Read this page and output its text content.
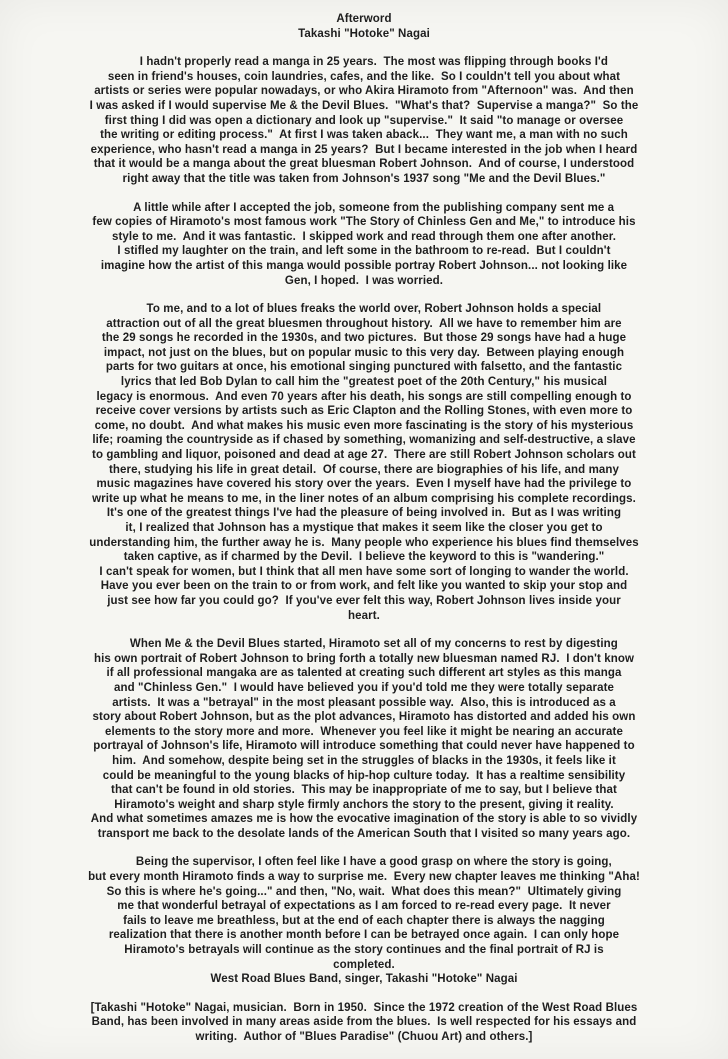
Afterword
Takashi "Hotoke" Nagai
I hadn't properly read a manga in 25 years.  The most was flipping through books I'd
seen in friend's houses, coin laundries, cafes, and the like.  So I couldn't tell you about what
artists or series were popular nowadays, or who Akira Hiramoto from "Afternoon" was.  And then
I was asked if I would supervise Me & the Devil Blues.  "What's that?  Supervise a manga?"  So the
first thing I did was open a dictionary and look up "supervise."  It said "to manage or oversee
the writing or editing process."  At first I was taken aback...  They want me, a man with no such
experience, who hasn't read a manga in 25 years?  But I became interested in the job when I heard
that it would be a manga about the great bluesman Robert Johnson.  And of course, I understood
right away that the title was taken from Johnson's 1937 song "Me and the Devil Blues."
A little while after I accepted the job, someone from the publishing company sent me a
few copies of Hiramoto's most famous work "The Story of Chinless Gen and Me," to introduce his
style to me.  And it was fantastic.  I skipped work and read through them one after another.
I stifled my laughter on the train, and left some in the bathroom to re-read.  But I couldn't
imagine how the artist of this manga would possible portray Robert Johnson... not looking like
Gen, I hoped.  I was worried.
To me, and to a lot of blues freaks the world over, Robert Johnson holds a special
attraction out of all the great bluesmen throughout history.  All we have to remember him are
the 29 songs he recorded in the 1930s, and two pictures.  But those 29 songs have had a huge
impact, not just on the blues, but on popular music to this very day.  Between playing enough
parts for two guitars at once, his emotional singing punctured with falsetto, and the fantastic
lyrics that led Bob Dylan to call him the "greatest poet of the 20th Century," his musical
legacy is enormous.  And even 70 years after his death, his songs are still compelling enough to
receive cover versions by artists such as Eric Clapton and the Rolling Stones, with even more to
come, no doubt.  And what makes his music even more fascinating is the story of his mysterious
life; roaming the countryside as if chased by something, womanizing and self-destructive, a slave
to gambling and liquor, poisoned and dead at age 27.  There are still Robert Johnson scholars out
there, studying his life in great detail.  Of course, there are biographies of his life, and many
music magazines have covered his story over the years.  Even I myself have had the privilege to
write up what he means to me, in the liner notes of an album comprising his complete recordings.
It's one of the greatest things I've had the pleasure of being involved in.  But as I was writing
it, I realized that Johnson has a mystique that makes it seem like the closer you get to
understanding him, the further away he is.  Many people who experience his blues find themselves
taken captive, as if charmed by the Devil.  I believe the keyword to this is "wandering."
I can't speak for women, but I think that all men have some sort of longing to wander the world.
Have you ever been on the train to or from work, and felt like you wanted to skip your stop and
just see how far you could go?  If you've ever felt this way, Robert Johnson lives inside your
heart.
When Me & the Devil Blues started, Hiramoto set all of my concerns to rest by digesting
his own portrait of Robert Johnson to bring forth a totally new bluesman named RJ.  I don't know
if all professional mangaka are as talented at creating such different art styles as this manga
and "Chinless Gen."  I would have believed you if you'd told me they were totally separate
artists.  It was a "betrayal" in the most pleasant possible way.  Also, this is introduced as a
story about Robert Johnson, but as the plot advances, Hiramoto has distorted and added his own
elements to the story more and more.  Whenever you feel like it might be nearing an accurate
portrayal of Johnson's life, Hiramoto will introduce something that could never have happened to
him.  And somehow, despite being set in the struggles of blacks in the 1930s, it feels like it
could be meaningful to the young blacks of hip-hop culture today.  It has a realtime sensibility
that can't be found in old stories.  This may be inappropriate of me to say, but I believe that
Hiramoto's weight and sharp style firmly anchors the story to the present, giving it reality.
And what sometimes amazes me is how the evocative imagination of the story is able to so vividly
transport me back to the desolate lands of the American South that I visited so many years ago.
Being the supervisor, I often feel like I have a good grasp on where the story is going,
but every month Hiramoto finds a way to surprise me.  Every new chapter leaves me thinking "Aha!
So this is where he's going..." and then, "No, wait.  What does this mean?"  Ultimately giving
me that wonderful betrayal of expectations as I am forced to re-read every page.  It never
fails to leave me breathless, but at the end of each chapter there is always the nagging
realization that there is another month before I can be betrayed once again.  I can only hope
Hiramoto's betrayals will continue as the story continues and the final portrait of RJ is
completed.
West Road Blues Band, singer, Takashi "Hotoke" Nagai
[Takashi "Hotoke" Nagai, musician.  Born in 1950.  Since the 1972 creation of the West Road Blues
Band, has been involved in many areas aside from the blues.  Is well respected for his essays and
writing.  Author of "Blues Paradise" (Chuou Art) and others.]
